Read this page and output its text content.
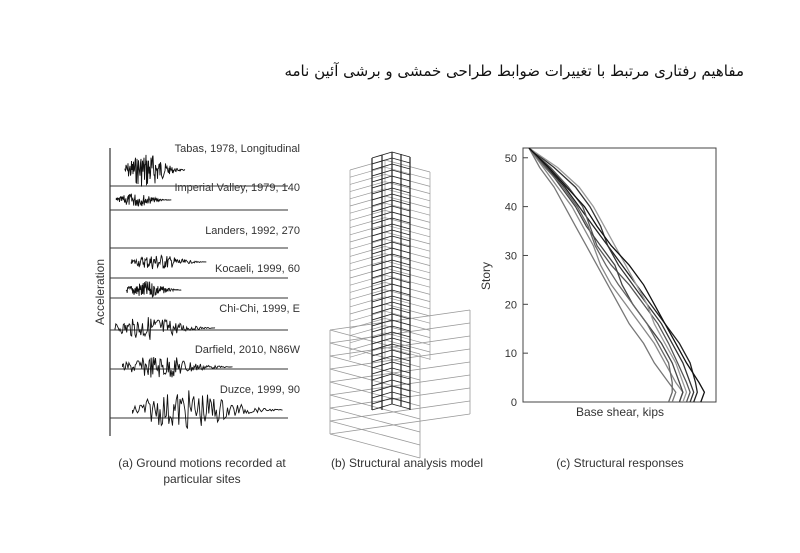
مفاهیم رفتاری مرتبط با تغییرات ضوابط طراحی خمشی و برشی آئین نامه
Acceleration
Tabas, 1978, Longitudinal
Imperial Valley, 1979, 140
Landers, 1992, 270
Kocaeli, 1999, 60
Chi-Chi, 1999, E
Darfield, 2010, N86W
Duzce, 1999, 90
0
10
20
30
40
50
Story
Base shear, kips
(a) Ground motions recorded at
particular sites
(b) Structural analysis model	(c) Structural responses
